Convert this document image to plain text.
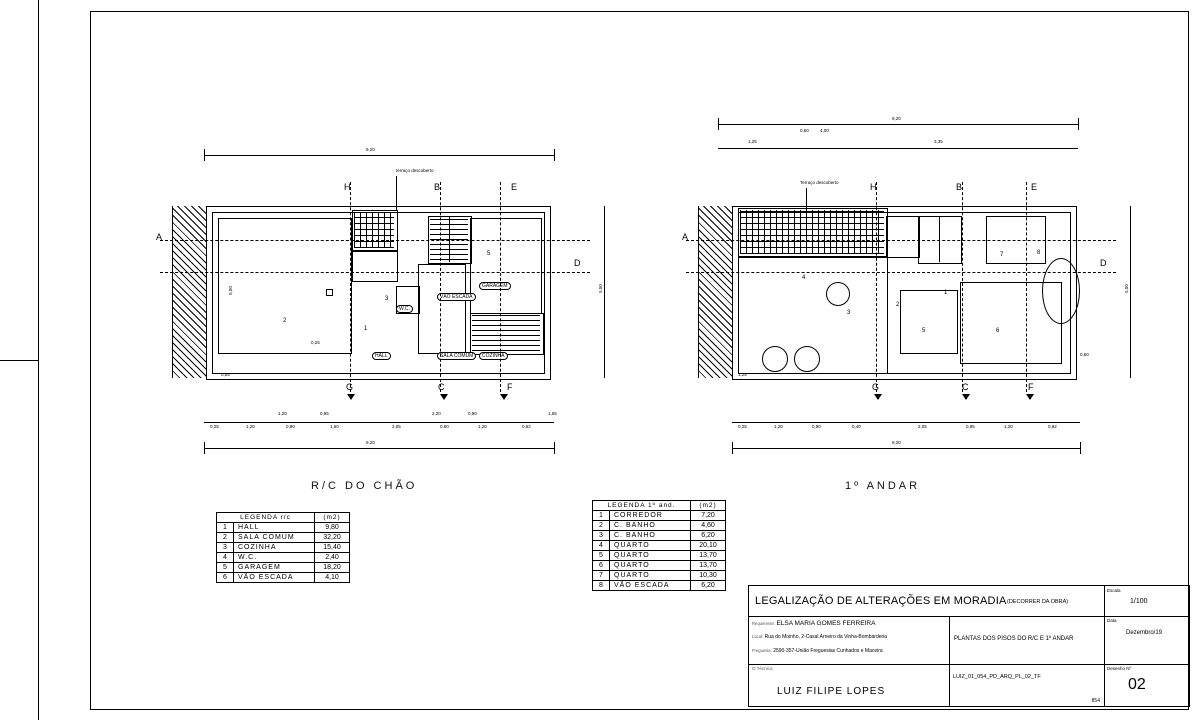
9,20
2
5
3
1
W.C.
GARAGEM
HALL
VÃO ESCADA
SALA COMUM	COZINHA
H	B	E
A
D
F
G	C
terraço descoberto
5,50
5,50
9,20
0,25	1,20	0,90	1,60	2,05	0,80	1,20	0,62
1,20	0,95	2,20	0,90	1,65
0,85
0,25
R/C DO CHÃO
9,20
1,25
0,60 4,00
3,35
Terraço descoberto
4
7
6
5
1
2
3
8
H	B	E
A
D
F
G	C
5,50
9,20
0,25	1,20	0,90	0,40	2,05	0,95	1,20	0,62
0,60
1,25
1º ANDAR
LEGENDA r/c		(m2)
1	HALL	9,80
2	SALA COMUM	32,20
3	COZINHA	15,40
4	W.C.	2,40
5	GARAGEM	18,20
6	VÃO ESCADA	4,10
LEGENDA 1º and.		(m2)
1	CORREDOR	7,20
2	C. BANHO	4,60
3	C. BANHO	6,20
4	QUARTO	20,10
5	QUARTO	13,70
6	QUARTO	13,70
7	QUARTO	10,30
8	VÃO ESCADA	6,20
LEGALIZAÇÃO DE ALTERAÇÕES EM MORADIA (DECORRER DA OBRA)
Escala
1/100
Requerente: ELSA MARIA GOMES FERREIRA
Local: Rua do Moinho, 2-Casal Arneiro da Vinha-Bombarderia
Freguesia: 2590-357-União Freguesias Cunhados e Maceira
PLANTAS DOS PISOS DO R/C E 1º ANDAR
Data
Dezembro/19
O Técnico:
LUIZ FILIPE LOPES
LUIZ_01_054_PD_ARQ_PL_02_TF
854
Desenho Nº
02
